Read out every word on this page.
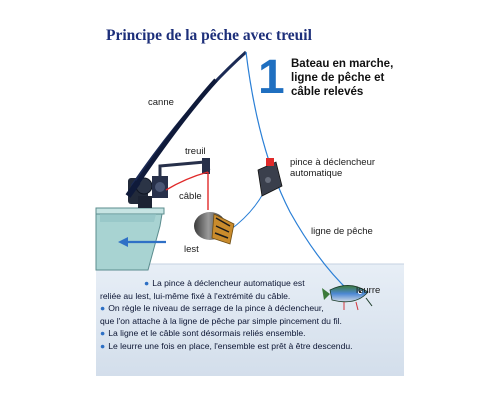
Principe de la pêche avec treuil
1 Bateau en marche,
ligne de pêche et
câble relevés
canne
treuil
câble
lest
pince à déclencheur
automatique
ligne de pêche
leurre
● La pince à déclencheur automatique est
reliée au lest, lui-même fixé à l'extrémité du câble.
● On règle le niveau de serrage de la pince à déclencheur,
que l'on attache à la ligne de pêche par simple pincement du fil.
● La ligne et le câble sont désormais reliés ensemble.
● Le leurre une fois en place, l'ensemble est prêt à être descendu.
